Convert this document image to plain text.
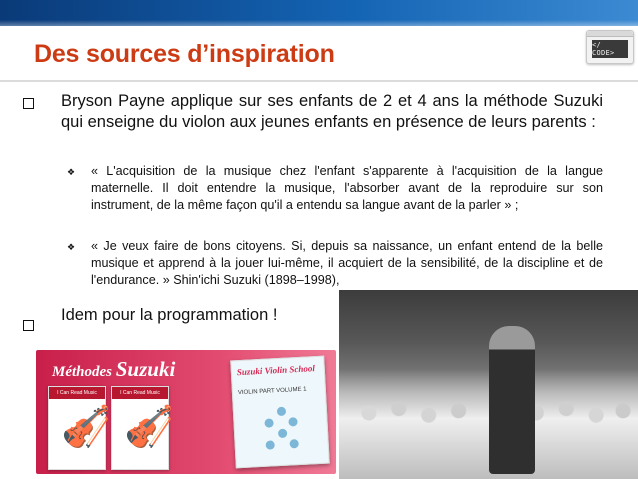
</ CODE>
Des sources d’inspiration

Bryson Payne applique sur ses enfants de 2 et 4 ans la méthode Suzuki qui enseigne du violon aux jeunes enfants en présence de leurs parents :

❖ « L'acquisition de la musique chez l'enfant s'apparente à l'acquisition de la langue maternelle. Il doit entendre la musique, l'absorber avant de la reproduire sur son instrument, de la même façon qu'il a entendu sa langue avant de la parler » ;

❖ « Je veux faire de bons citoyens. Si, depuis sa naissance, un enfant entend de la belle musique et apprend à la jouer lui-même, il acquiert de la sensibilité, de la discipline et de l'endurance. » Shin'ichi Suzuki (1898–1998),

Idem pour la programmation !

Méthodes Suzuki
I Can Read Music
🎻
I Can Read Music
🎻
Suzuki Violin School
VIOLIN PART VOLUME 1
